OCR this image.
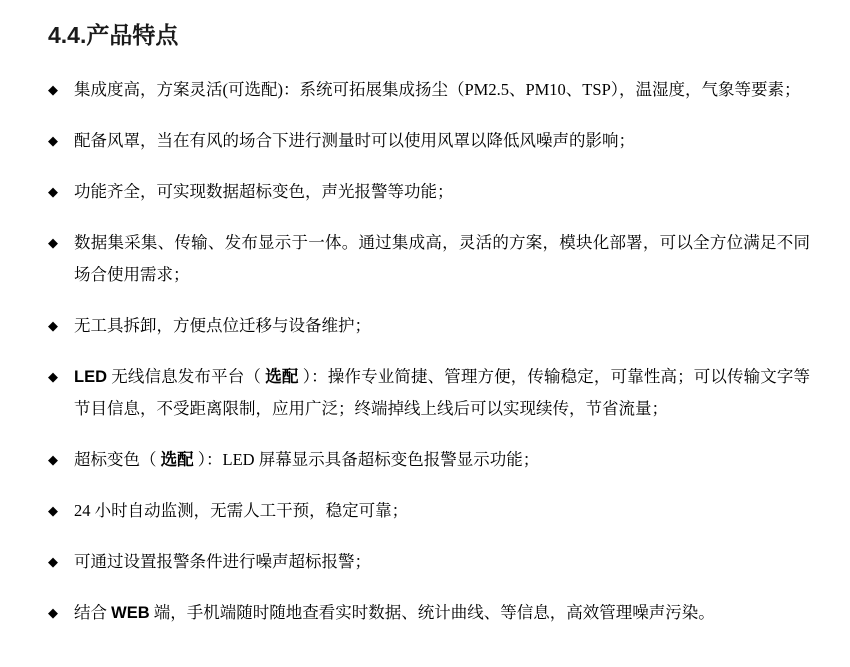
4.4.产品特点
◆ 集成度高，方案灵活(可选配)：系统可拓展集成扬尘（PM2.5、PM10、TSP），温湿度，气象等要素；
◆ 配备风罩，当在有风的场合下进行测量时可以使用风罩以降低风噪声的影响；
◆ 功能齐全，可实现数据超标变色，声光报警等功能；
◆ 数据集采集、传输、发布显示于一体。通过集成高，灵活的方案，模块化部署，可以全方位满足不同场合使用需求；
◆ 无工具拆卸，方便点位迁移与设备维护；
◆ LED 无线信息发布平台（ 选配 ）：操作专业简捷、管理方便，传输稳定，可靠性高；可以传输文字等节目信息，不受距离限制，应用广泛；终端掉线上线后可以实现续传，节省流量；
◆ 超标变色（ 选配 ）：LED 屏幕显示具备超标变色报警显示功能；
◆ 24 小时自动监测，无需人工干预，稳定可靠；
◆ 可通过设置报警条件进行噪声超标报警；
◆ 结合 WEB 端，手机端随时随地查看实时数据、统计曲线、等信息，高效管理噪声污染。
